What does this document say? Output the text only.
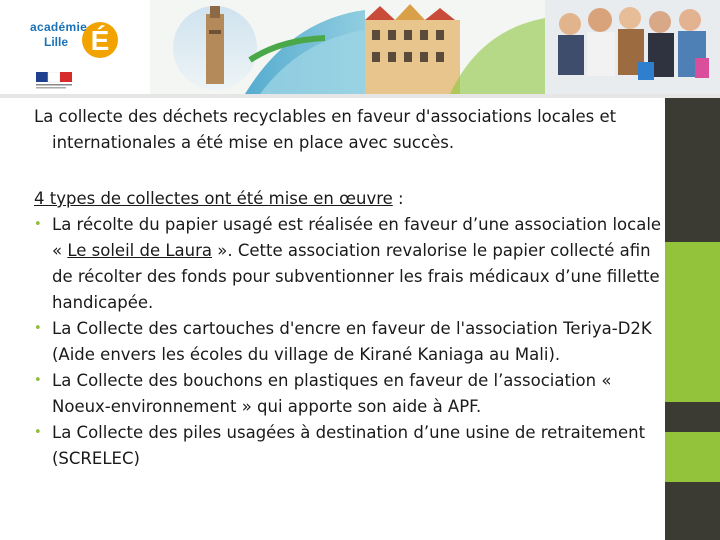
É
académie
Lille

La collecte des déchets recyclables en faveur d'associations locales et internationales a été mise en place avec succès.

4 types de collectes ont été mise en œuvre :

• La récolte du papier usagé est réalisée en faveur d’une association locale « Le soleil de Laura ». Cette association revalorise le papier collecté afin de récolter des fonds pour subventionner les frais médicaux d’une fillette handicapée.
• La Collecte des cartouches d'encre en faveur de l'association Teriya-D2K (Aide envers les écoles du village de Kirané Kaniaga au Mali).
• La Collecte des bouchons en plastiques en faveur de l’association « Noeux-environnement » qui apporte son aide à APF.
• La Collecte des piles usagées à destination d’une usine de retraitement (SCRELEC)
